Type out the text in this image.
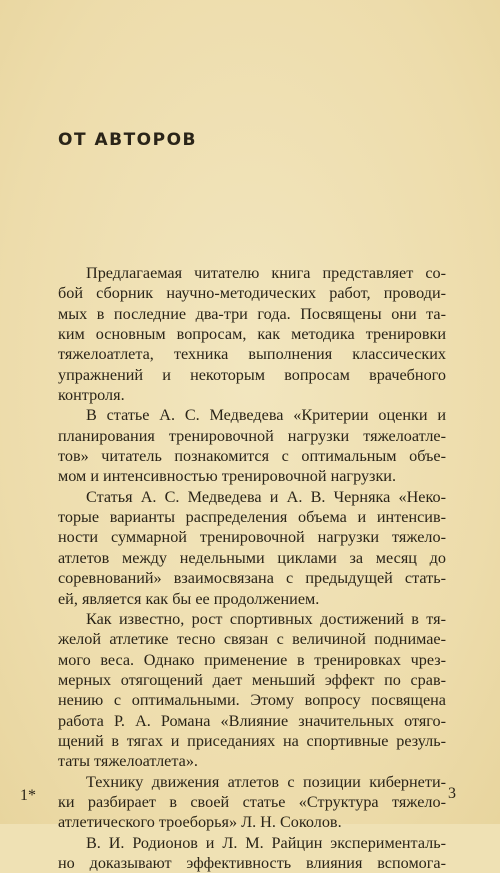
ОТ АВТОРОВ
Предлагаемая читателю книга представляет со-
бой сборник научно-методических работ, проводи-
мых в последние два-три года. Посвящены они та-
ким основным вопросам, как методика тренировки
тяжелоатлета, техника выполнения классических
упражнений и некоторым вопросам врачебного
контроля.
В статье А. С. Медведева «Критерии оценки и
планирования тренировочной нагрузки тяжелоатле-
тов» читатель познакомится с оптимальным объе-
мом и интенсивностью тренировочной нагрузки.
Статья А. С. Медведева и А. В. Черняка «Неко-
торые варианты распределения объема и интенсив-
ности суммарной тренировочной нагрузки тяжело-
атлетов между недельными циклами за месяц до
соревнований» взаимосвязана с предыдущей стать-
ей, является как бы ее продолжением.
Как известно, рост спортивных достижений в тя-
желой атлетике тесно связан с величиной поднимае-
мого веса. Однако применение в тренировках чрез-
мерных отягощений дает меньший эффект по срав-
нению с оптимальными. Этому вопросу посвящена
работа Р. А. Романа «Влияние значительных отяго-
щений в тягах и приседаниях на спортивные резуль-
таты тяжелоатлета».
Технику движения атлетов с позиции кибернети-
ки разбирает в своей статье «Структура тяжело-
атлетического троеборья» Л. Н. Соколов.
В. И. Родионов и Л. М. Райцин эксперименталь-
но доказывают эффективность влияния вспомога-
1*	3
